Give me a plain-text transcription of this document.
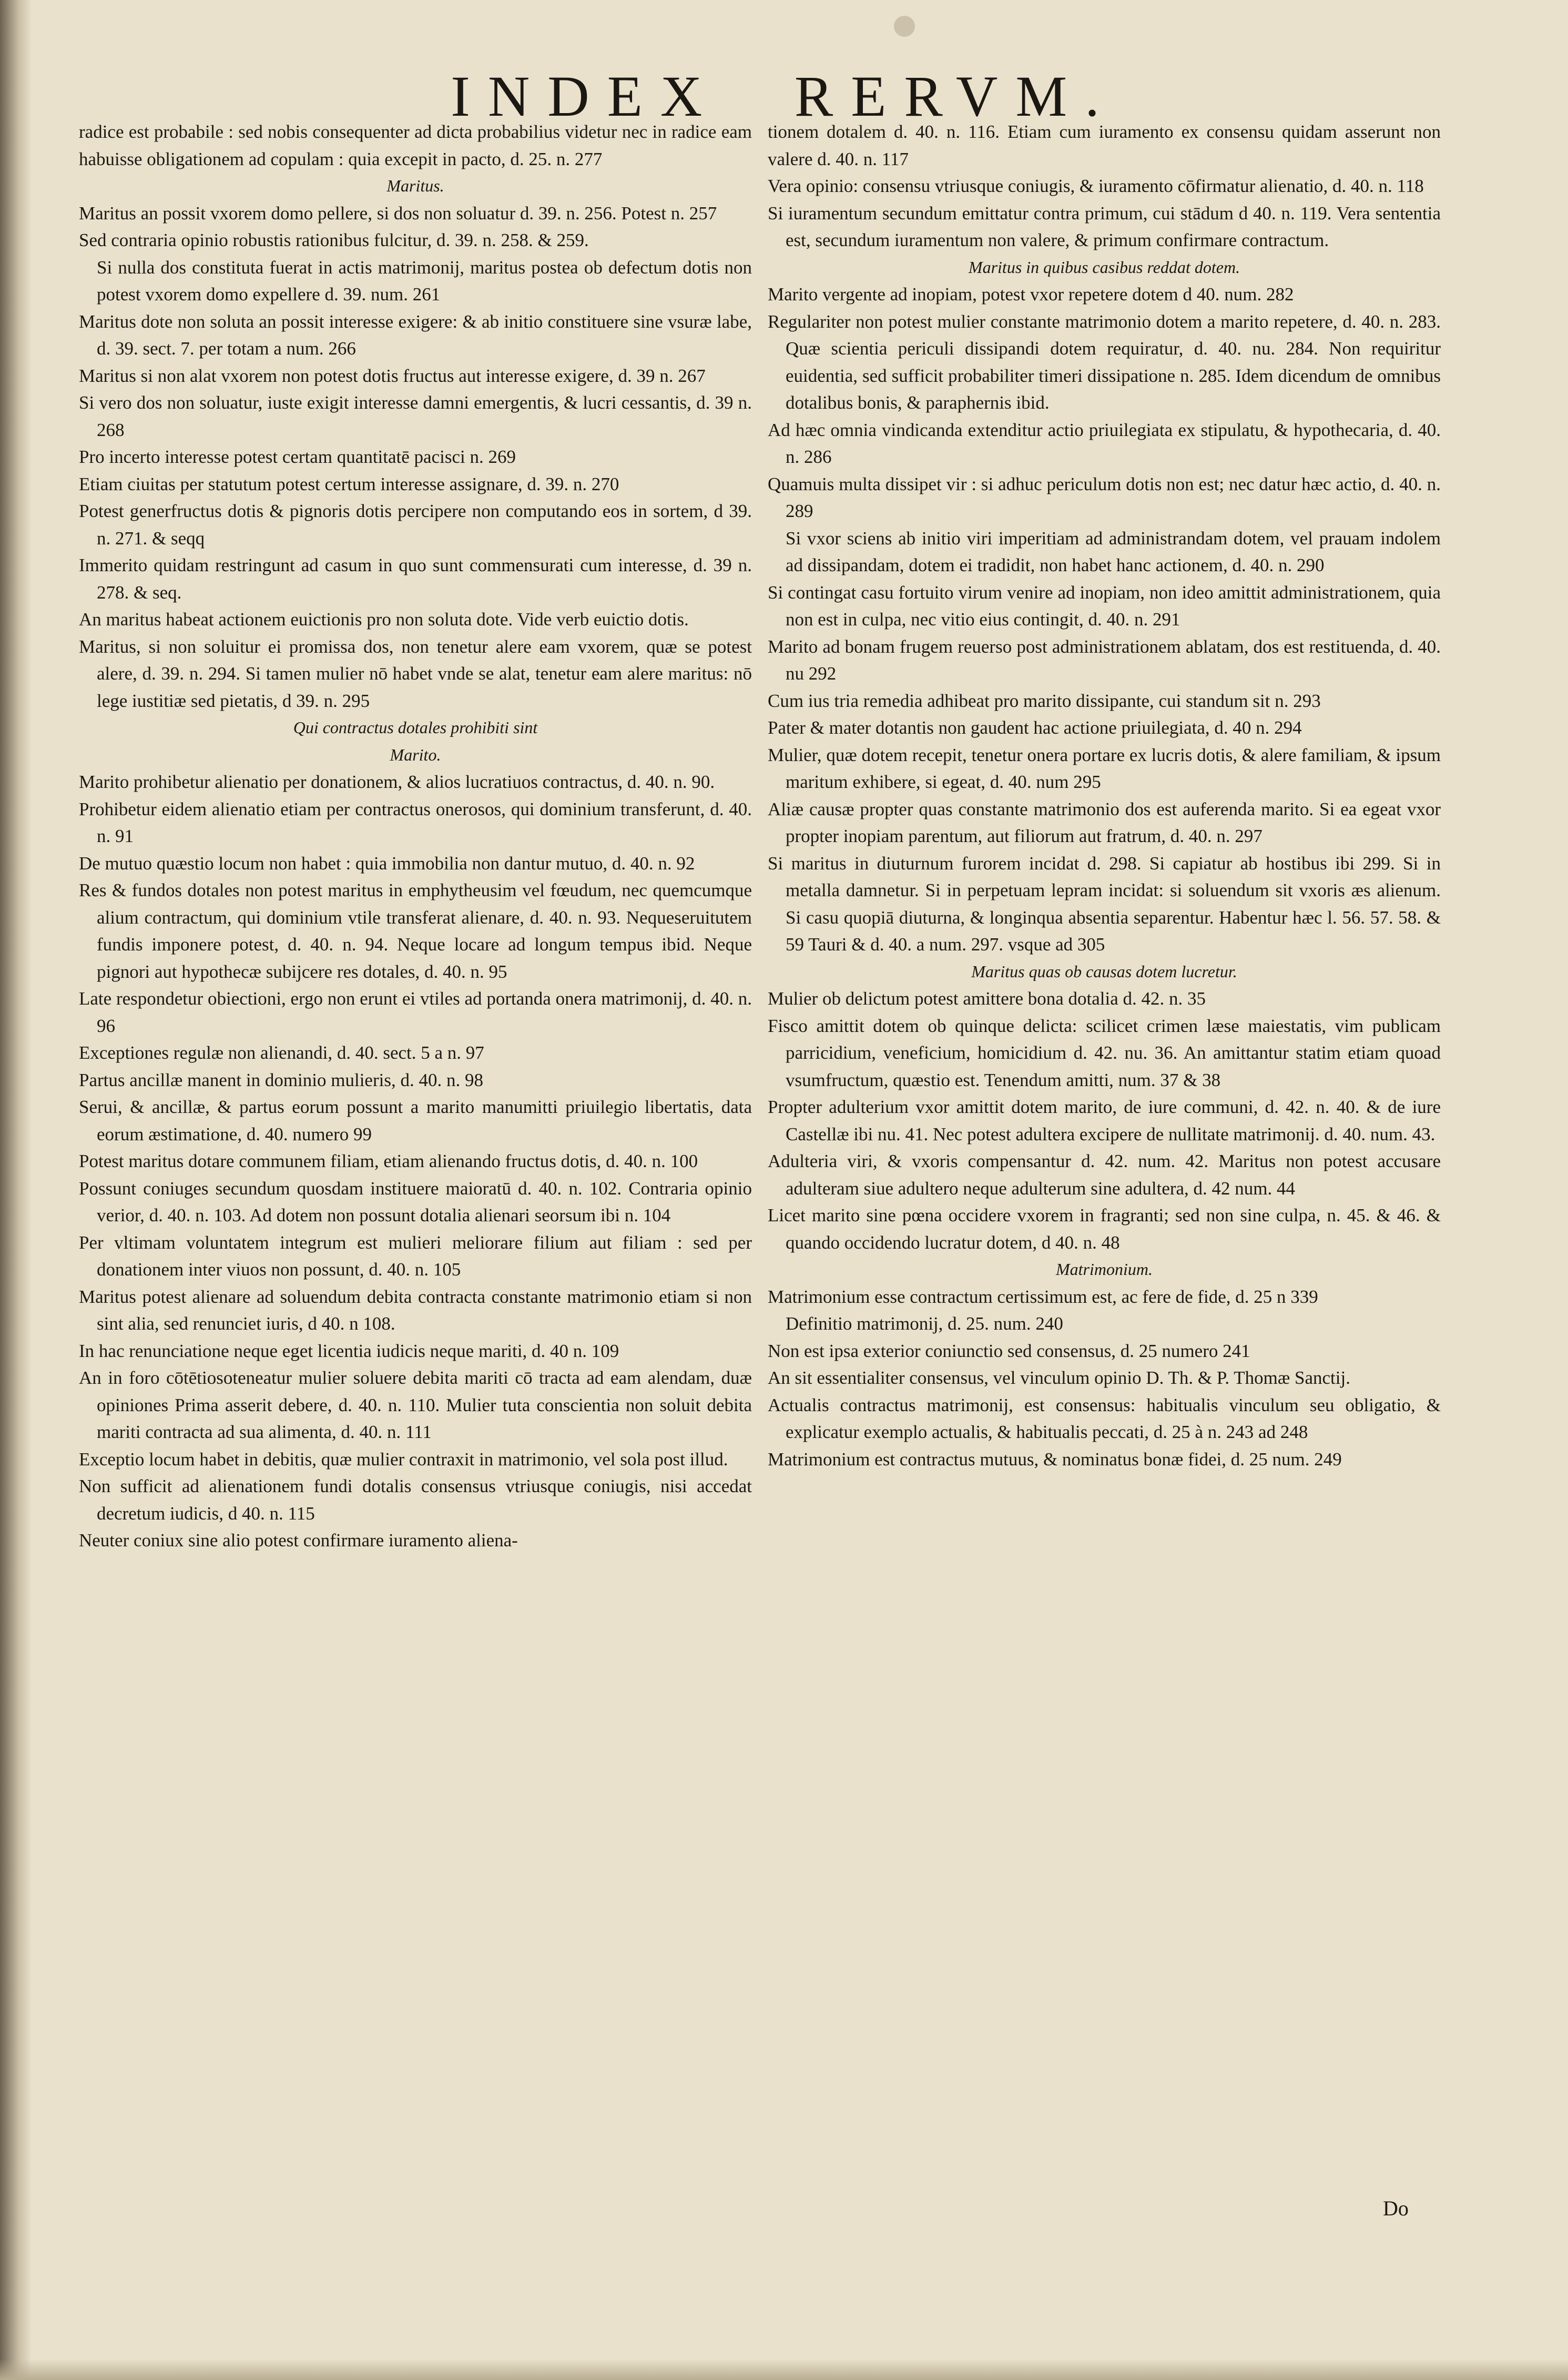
INDEX RERVM.

radice est probabile : sed nobis consequenter ad dicta probabilius videtur nec in radice eam habuisse obligationem ad copulam : quia excepit in pacto, d. 25. n. 277

Maritus.

Maritus an possit vxorem domo pellere, si dos non soluatur d. 39. n. 256. Potest n. 257

Sed contraria opinio robustis rationibus fulcitur, d. 39. n. 258. & 259.

Si nulla dos constituta fuerat in actis matrimonij, maritus postea ob defectum dotis non potest vxorem domo expellere d. 39. num. 261

Maritus dote non soluta an possit interesse exigere: & ab initio constituere sine vsuræ labe, d. 39. sect. 7. per totam a num. 266

Maritus si non alat vxorem non potest dotis fructus aut interesse exigere, d. 39 n. 267

Si vero dos non soluatur, iuste exigit interesse damni emergentis, & lucri cessantis, d. 39 n. 268

Pro incerto interesse potest certam quantitatē pacisci n. 269

Etiam ciuitas per statutum potest certum interesse assignare, d. 39. n. 270

Potest generfructus dotis & pignoris dotis percipere non computando eos in sortem, d 39. n. 271. & seqq

Immerito quidam restringunt ad casum in quo sunt commensurati cum interesse, d. 39 n. 278. & seq.

An maritus habeat actionem euictionis pro non soluta dote. Vide verb euictio dotis.

Maritus, si non soluitur ei promissa dos, non tenetur alere eam vxorem, quæ se potest alere, d. 39. n. 294. Si tamen mulier nō habet vnde se alat, tenetur eam alere maritus: nō lege iustitiæ sed pietatis, d 39. n. 295

Qui contractus dotales prohibiti sint

Marito.

Marito prohibetur alienatio per donationem, & alios lucratiuos contractus, d. 40. n. 90.

Prohibetur eidem alienatio etiam per contractus onerosos, qui dominium transferunt, d. 40. n. 91

De mutuo quæstio locum non habet : quia immobilia non dantur mutuo, d. 40. n. 92

Res & fundos dotales non potest maritus in emphytheusim vel fœudum, nec quemcumque alium contractum, qui dominium vtile transferat alienare, d. 40. n. 93. Nequeseruitutem fundis imponere potest, d. 40. n. 94. Neque locare ad longum tempus ibid. Neque pignori aut hypothecæ subijcere res dotales, d. 40. n. 95

Late respondetur obiectioni, ergo non erunt ei vtiles ad portanda onera matrimonij, d. 40. n. 96

Exceptiones regulæ non alienandi, d. 40. sect. 5 a n. 97

Partus ancillæ manent in dominio mulieris, d. 40. n. 98

Serui, & ancillæ, & partus eorum possunt a marito manumitti priuilegio libertatis, data eorum æstimatione, d. 40. numero 99

Potest maritus dotare communem filiam, etiam alienando fructus dotis, d. 40. n. 100

Possunt coniuges secundum quosdam instituere maioratū d. 40. n. 102. Contraria opinio verior, d. 40. n. 103. Ad dotem non possunt dotalia alienari seorsum ibi n. 104

Per vltimam voluntatem integrum est mulieri meliorare filium aut filiam : sed per donationem inter viuos non possunt, d. 40. n. 105

Maritus potest alienare ad soluendum debita contracta constante matrimonio etiam si non sint alia, sed renunciet iuris, d 40. n 108.

In hac renunciatione neque eget licentia iudicis neque mariti, d. 40 n. 109

An in foro cōtētiosoteneatur mulier soluere debita mariti cō tracta ad eam alendam, duæ opiniones Prima asserit debere, d. 40. n. 110. Mulier tuta conscientia non soluit debita mariti contracta ad sua alimenta, d. 40. n. 111

Exceptio locum habet in debitis, quæ mulier contraxit in matrimonio, vel sola post illud.

Non sufficit ad alienationem fundi dotalis consensus vtriusque coniugis, nisi accedat decretum iudicis, d 40. n. 115

Neuter coniux sine alio potest confirmare iuramento aliena-

tionem dotalem d. 40. n. 116. Etiam cum iuramento ex consensu quidam asserunt non valere d. 40. n. 117

Vera opinio: consensu vtriusque coniugis, & iuramento cōfirmatur alienatio, d. 40. n. 118

Si iuramentum secundum emittatur contra primum, cui stādum d 40. n. 119. Vera sententia est, secundum iuramentum non valere, & primum confirmare contractum.

Maritus in quibus casibus reddat dotem.

Marito vergente ad inopiam, potest vxor repetere dotem d 40. num. 282

Regulariter non potest mulier constante matrimonio dotem a marito repetere, d. 40. n. 283. Quæ scientia periculi dissipandi dotem requiratur, d. 40. nu. 284. Non requiritur euidentia, sed sufficit probabiliter timeri dissipatione n. 285. Idem dicendum de omnibus dotalibus bonis, & paraphernis ibid.

Ad hæc omnia vindicanda extenditur actio priuilegiata ex stipulatu, & hypothecaria, d. 40. n. 286

Quamuis multa dissipet vir : si adhuc periculum dotis non est; nec datur hæc actio, d. 40. n. 289

Si vxor sciens ab initio viri imperitiam ad administrandam dotem, vel prauam indolem ad dissipandam, dotem ei tradidit, non habet hanc actionem, d. 40. n. 290

Si contingat casu fortuito virum venire ad inopiam, non ideo amittit administrationem, quia non est in culpa, nec vitio eius contingit, d. 40. n. 291

Marito ad bonam frugem reuerso post administrationem ablatam, dos est restituenda, d. 40. nu 292

Cum ius tria remedia adhibeat pro marito dissipante, cui standum sit n. 293

Pater & mater dotantis non gaudent hac actione priuilegiata, d. 40 n. 294

Mulier, quæ dotem recepit, tenetur onera portare ex lucris dotis, & alere familiam, & ipsum maritum exhibere, si egeat, d. 40. num 295

Aliæ causæ propter quas constante matrimonio dos est auferenda marito. Si ea egeat vxor propter inopiam parentum, aut filiorum aut fratrum, d. 40. n. 297

Si maritus in diuturnum furorem incidat d. 298. Si capiatur ab hostibus ibi 299. Si in metalla damnetur. Si in perpetuam lepram incidat: si soluendum sit vxoris æs alienum. Si casu quopiā diuturna, & longinqua absentia separentur. Habentur hæc l. 56. 57. 58. & 59 Tauri & d. 40. a num. 297. vsque ad 305

Maritus quas ob causas dotem lucretur.

Mulier ob delictum potest amittere bona dotalia d. 42. n. 35

Fisco amittit dotem ob quinque delicta: scilicet crimen læse maiestatis, vim publicam parricidium, veneficium, homicidium d. 42. nu. 36. An amittantur statim etiam quoad vsumfructum, quæstio est. Tenendum amitti, num. 37 & 38

Propter adulterium vxor amittit dotem marito, de iure communi, d. 42. n. 40. & de iure Castellæ ibi nu. 41. Nec potest adultera excipere de nullitate matrimonij. d. 40. num. 43.

Adulteria viri, & vxoris compensantur d. 42. num. 42. Maritus non potest accusare adulteram siue adultero neque adulterum sine adultera, d. 42 num. 44

Licet marito sine pœna occidere vxorem in fragranti; sed non sine culpa, n. 45. & 46. & quando occidendo lucratur dotem, d 40. n. 48

Matrimonium.

Matrimonium esse contractum certissimum est, ac fere de fide, d. 25 n 339

Definitio matrimonij, d. 25. num. 240

Non est ipsa exterior coniunctio sed consensus, d. 25 numero 241

An sit essentialiter consensus, vel vinculum opinio D. Th. & P. Thomæ Sanctij.

Actualis contractus matrimonij, est consensus: habitualis vinculum seu obligatio, & explicatur exemplo actualis, & habitualis peccati, d. 25 à n. 243 ad 248

Matrimonium est contractus mutuus, & nominatus bonæ fidei, d. 25 num. 249

Do
